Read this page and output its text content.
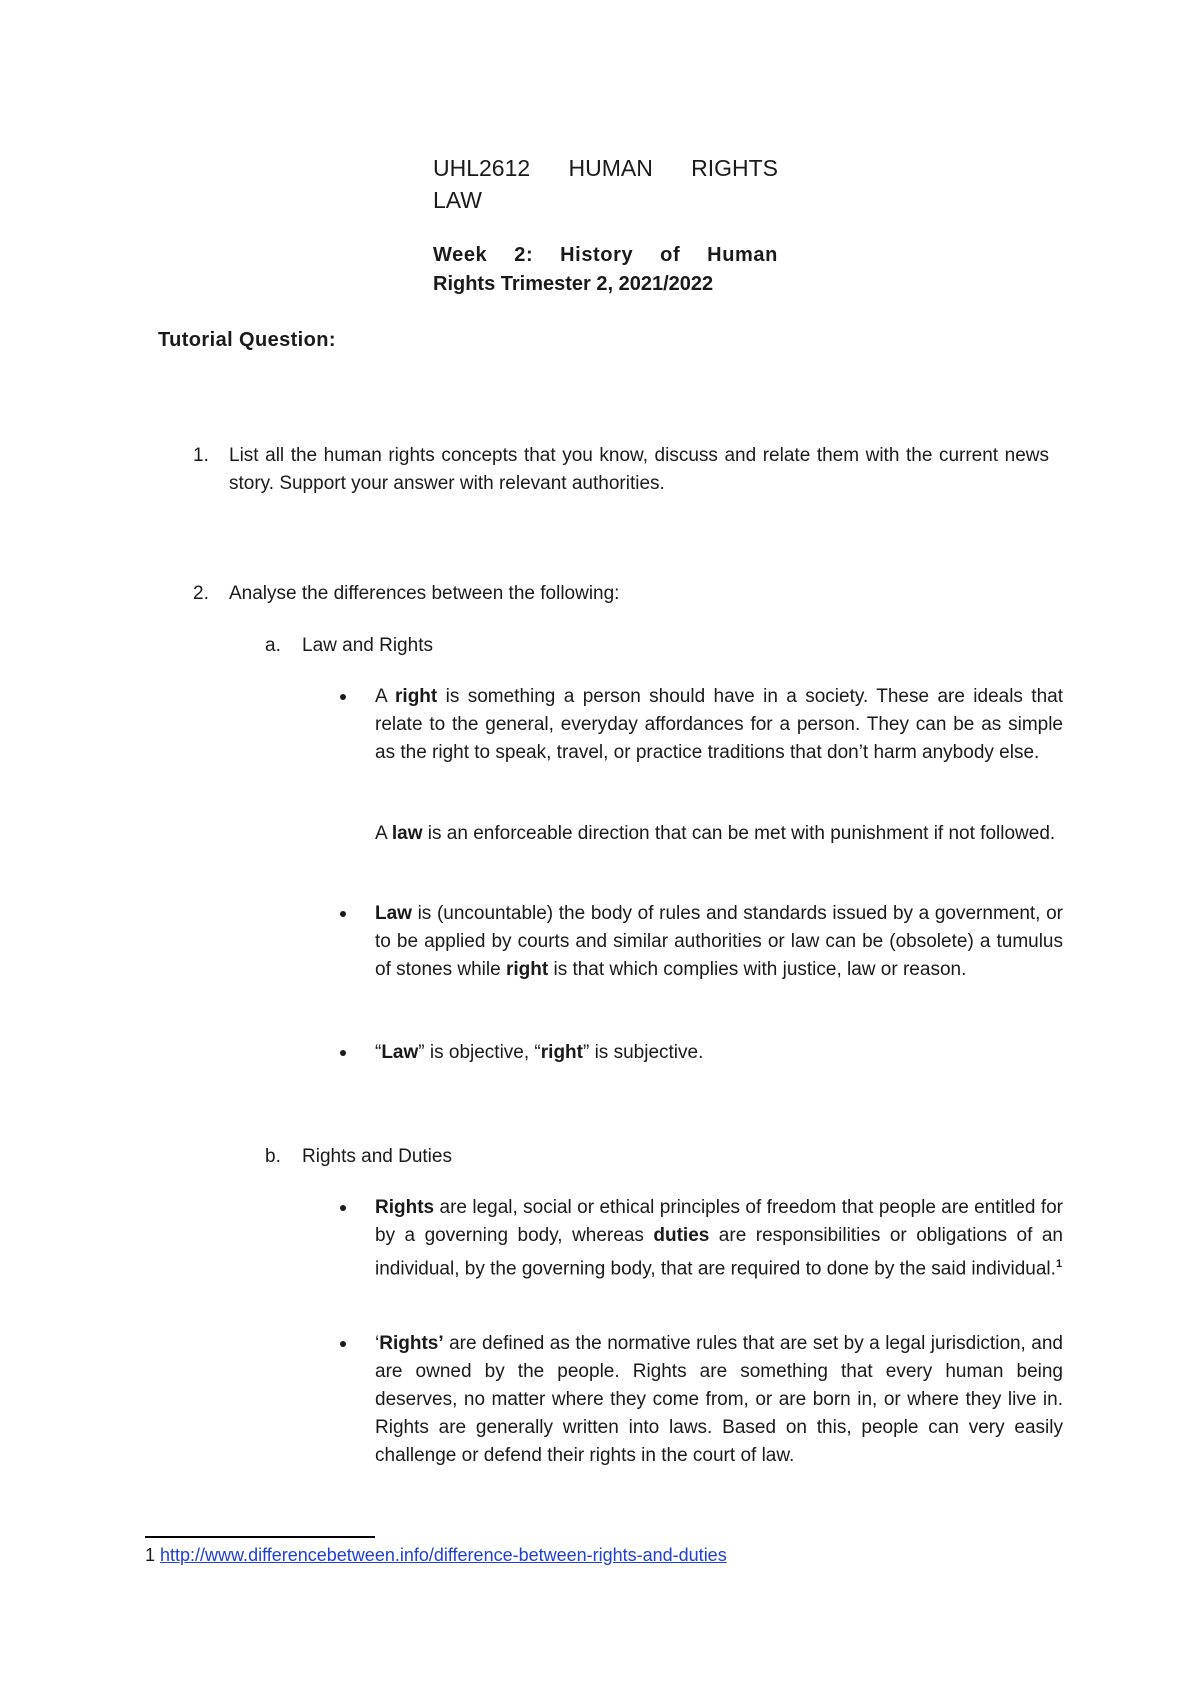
UHL2612 HUMAN RIGHTS
LAW
Week 2: History of Human
Rights Trimester 2, 2021/2022
Tutorial Question:
1. List all the human rights concepts that you know, discuss and relate them with the current news story. Support your answer with relevant authorities.
2. Analyse the differences between the following:
a. Law and Rights
A right is something a person should have in a society. These are ideals that relate to the general, everyday affordances for a person. They can be as simple as the right to speak, travel, or practice traditions that don’t harm anybody else.
A law is an enforceable direction that can be met with punishment if not followed.
Law is (uncountable) the body of rules and standards issued by a government, or to be applied by courts and similar authorities or law can be (obsolete) a tumulus of stones while right is that which complies with justice, law or reason.
“Law” is objective, “right” is subjective.
b. Rights and Duties
Rights are legal, social or ethical principles of freedom that people are entitled for by a governing body, whereas duties are responsibilities or obligations of an individual, by the governing body, that are required to done by the said individual.$^1$
‘Rights’ are defined as the normative rules that are set by a legal jurisdiction, and are owned by the people. Rights are something that every human being deserves, no matter where they come from, or are born in, or where they live in. Rights are generally written into laws. Based on this, people can very easily challenge or defend their rights in the court of law.
1 http://www.differencebetween.info/difference-between-rights-and-duties
